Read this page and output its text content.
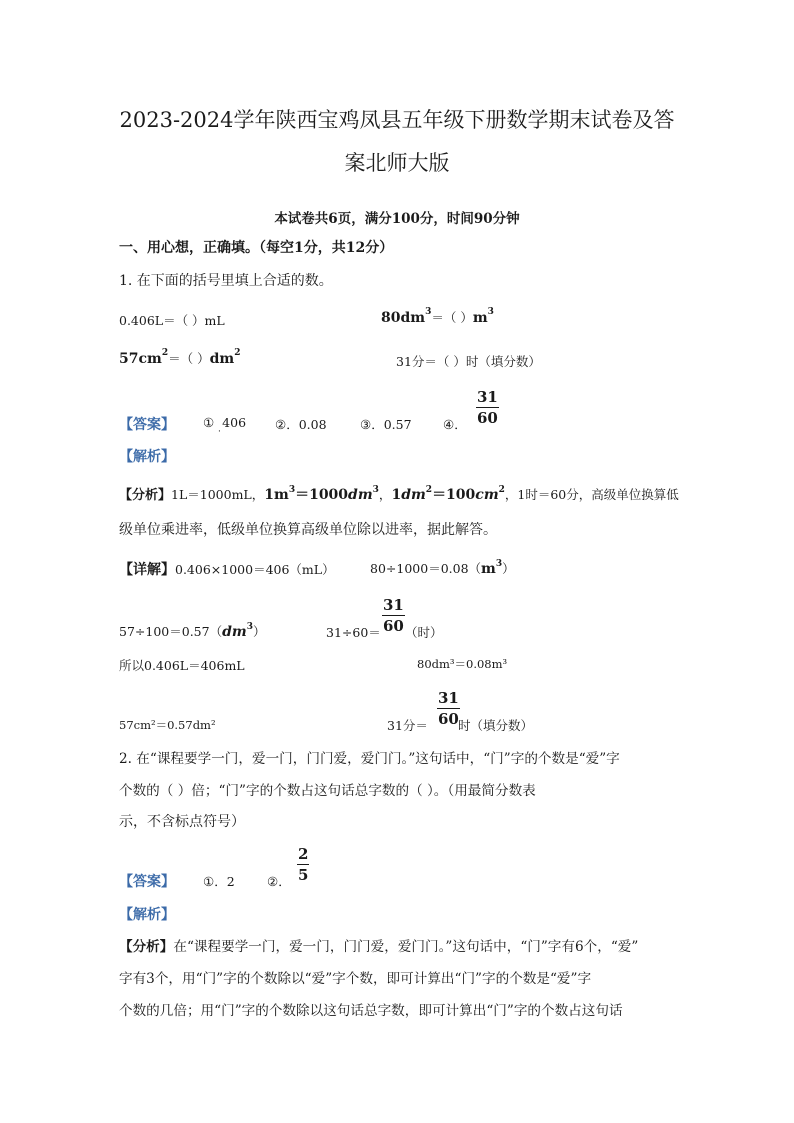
2023-2024学年陕西宝鸡凤县五年级下册数学期末试卷及答
案北师大版
本试卷共6页，满分100分，时间90分钟
一、用心想，正确填。（每空1分，共12分）
1. 在下面的括号里填上合适的数。
0.406L＝（ ）mL	$80dm^3=$（ ）$m^3$
$57cm^2=$（ ）$dm^2$
31分＝（ ）时（填分数）
【答案】 ① 406
·	②．0.08	③．0.57	④． $\frac{31}{60}$
【解析】
【分析】1L＝1000mL，$1m^3=1000dm^3$，$1dm^2=100cm^2$，1时＝60分，高级单位换算低
级单位乘进率，低级单位换算高级单位除以进率，据此解答。
【详解】0.406×1000＝406（mL）	$80\div 1000=0.08(m^3)$
$57\div 100=0.57(dm^3)$	$31\div 60= \frac{31}{60}$ （时）
所以0.406L＝406mL	80dm³＝0.08m³
57cm²＝0.57dm²	31分＝ $\frac{31}{60}$
时（填分数）
2. 在“课程要学一门，爱一门，门门爱，爱门门。”这句话中，“门”字的个数是“爱”字
个数的（ ）倍；“门”字的个数占这句话总字数的（ ）。（用最简分数表
示，不含标点符号）
【答案】 ①．2	②． $\frac{2}{5}$
【解析】
【分析】在“课程要学一门，爱一门，门门爱，爱门门。”这句话中，“门”字有6个，“爱”
字有3个，用“门”字的个数除以“爱”字个数，即可计算出“门”字的个数是“爱”字
个数的几倍；用“门”字的个数除以这句话总字数，即可计算出“门”字的个数占这句话
